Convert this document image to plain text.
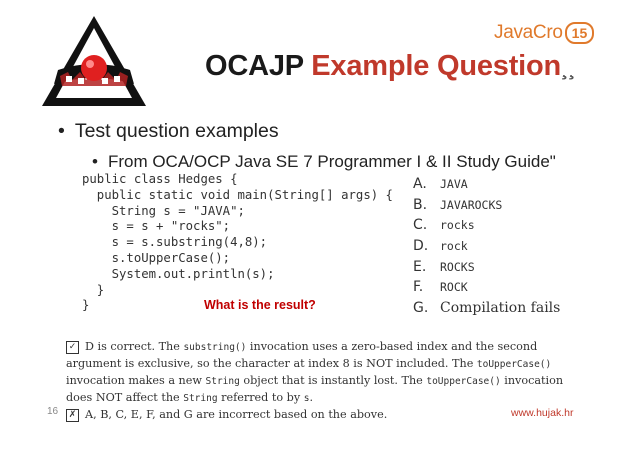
JavaCro 15
OCAJP Example Question¸¸
• Test question examples
• From OCA/OCP Java SE 7 Programmer I & II Study Guide"
public class Hedges {
public static void main(String[] args) {
String s = "JAVA";
s = s + "rocks";
s = s.substring(4,8);
s.toUpperCase();
System.out.println(s);
}
}
A.	JAVA
B.	JAVAROCKS
C.	rocks
D.	rock
E.	ROCKS
F.	ROCK
G. Compilation fails
What is the result?
✓ D is correct. The substring() invocation uses a zero-based index and the second
argument is exclusive, so the character at index 8 is NOT included. The toUpperCase()
invocation makes a new String object that is instantly lost. The toUpperCase() invocation
does NOT affect the String referred to by s.
✗ A, B, C, E, F, and G are incorrect based on the above.
16	www.hujak.hr
